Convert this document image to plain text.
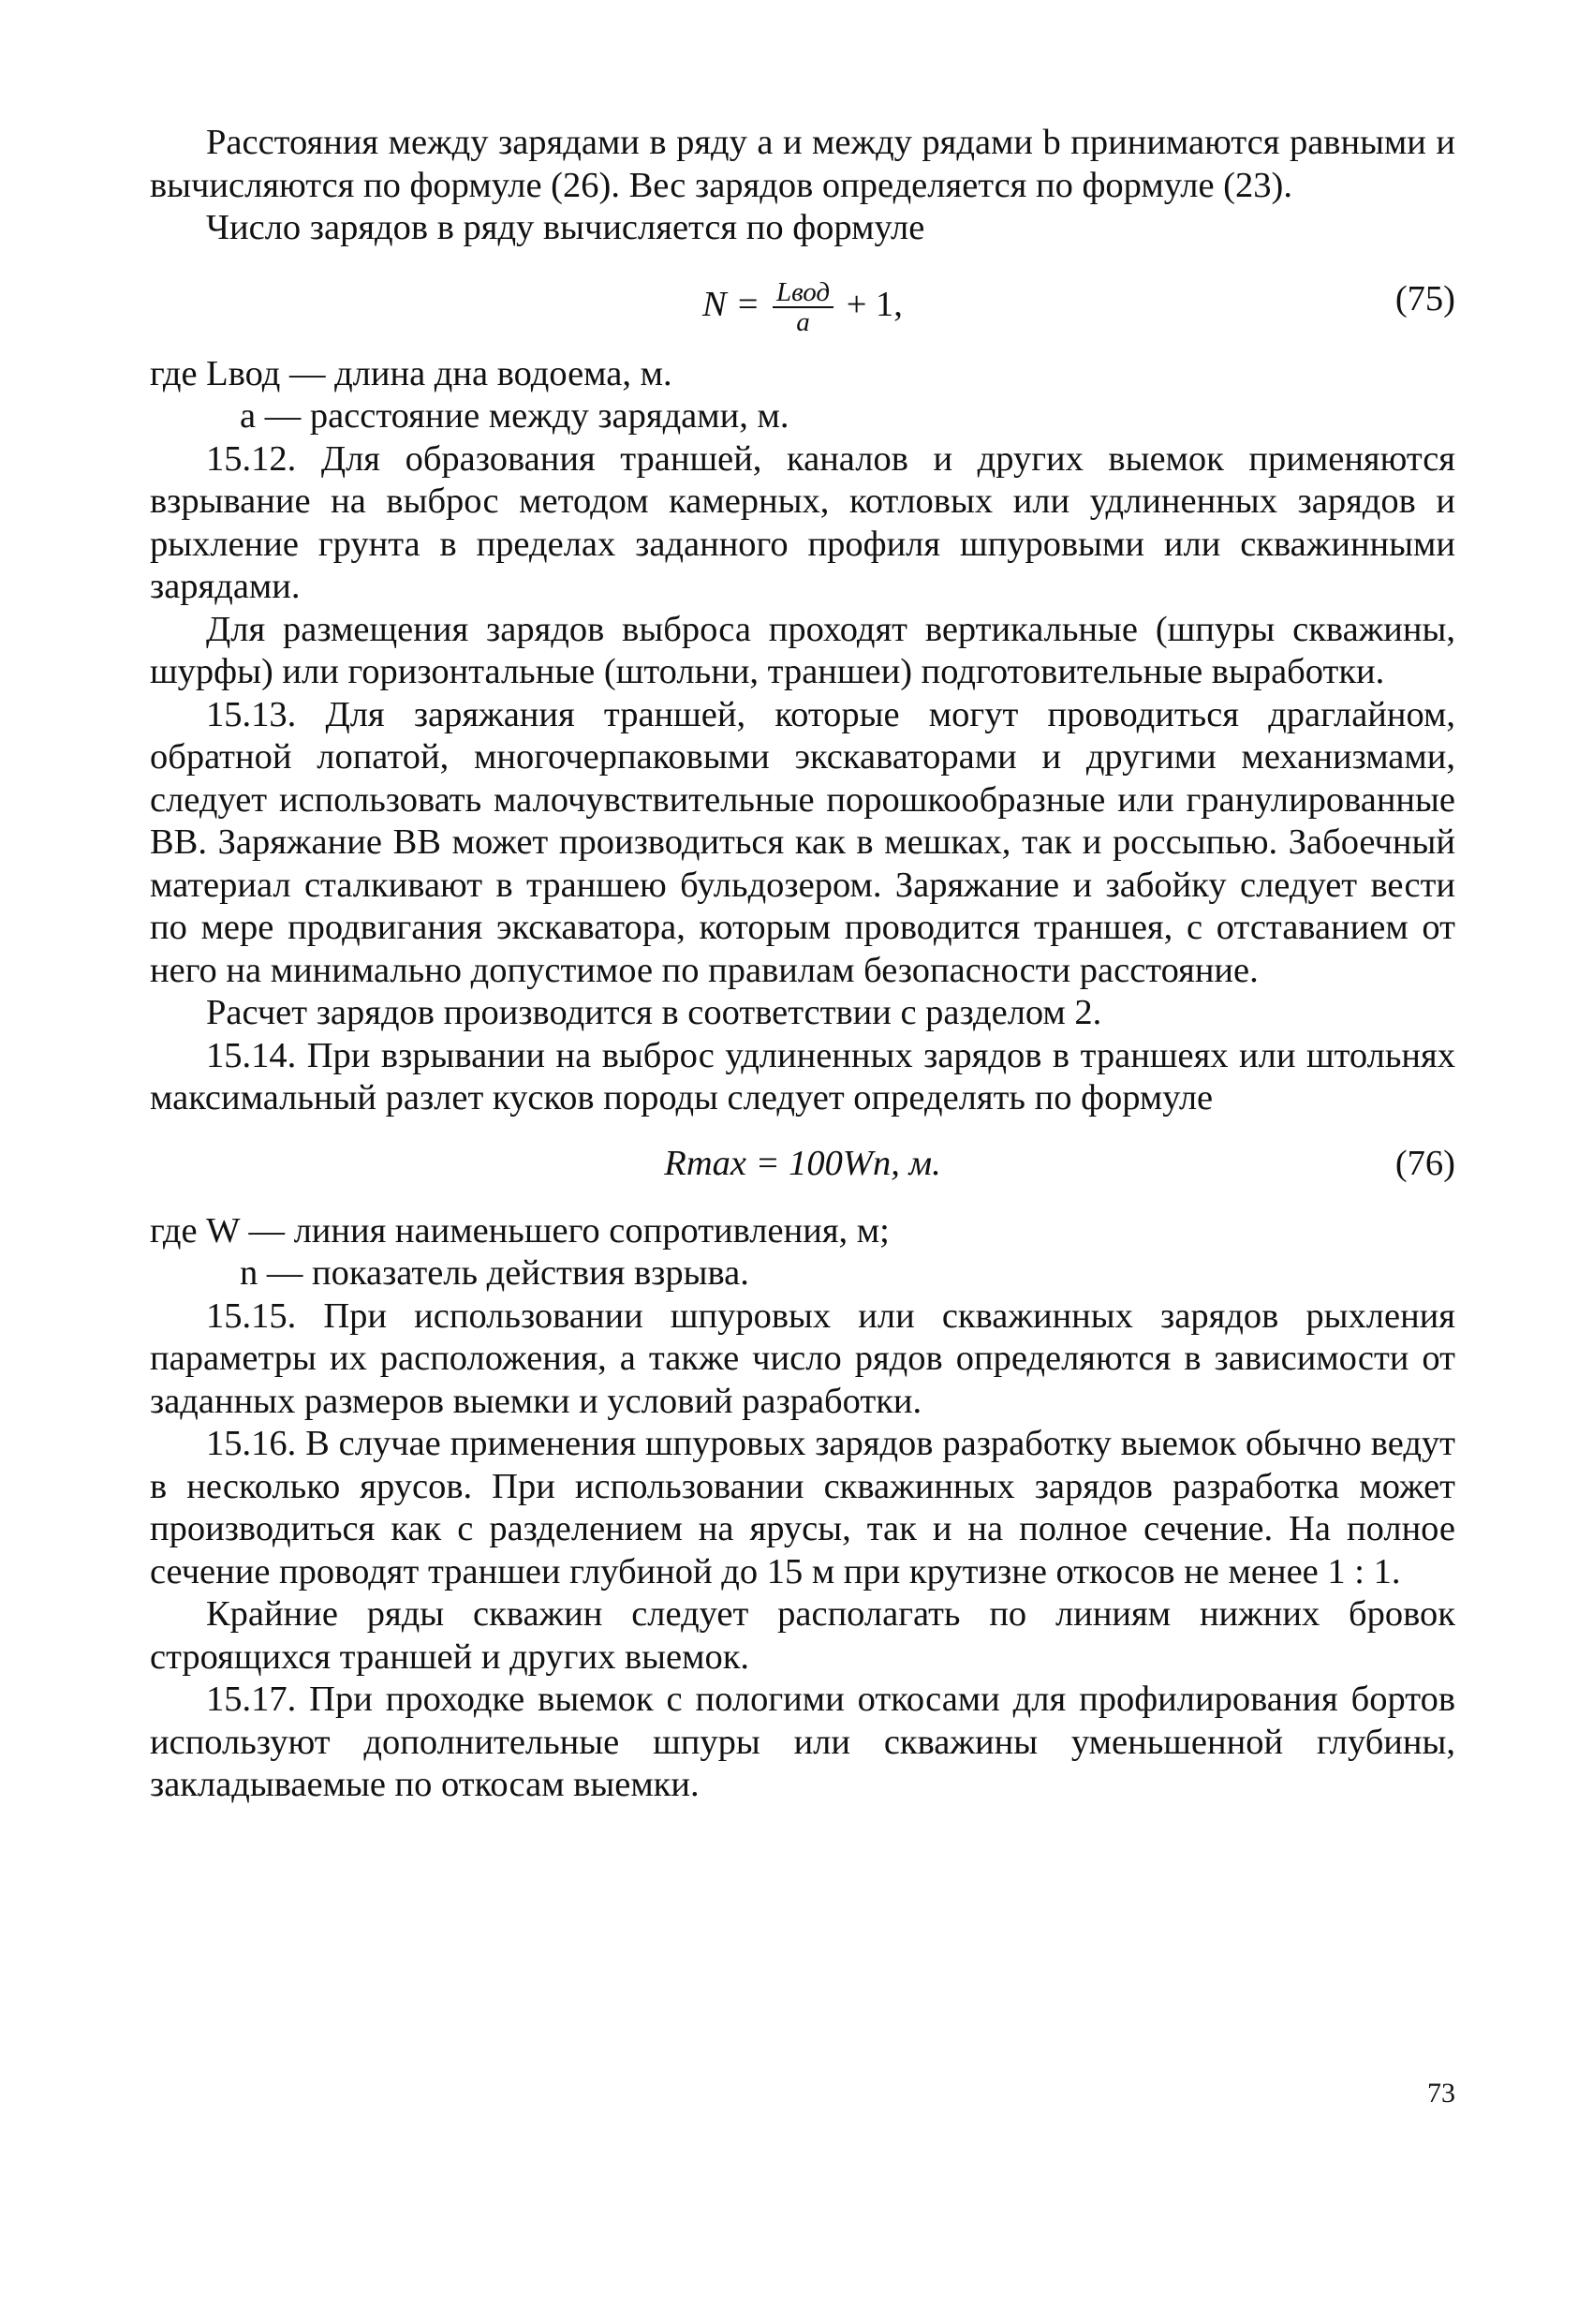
Расстояния между зарядами в ряду a и между рядами b принимаются равными и вычисляются по формуле (26). Вес зарядов определяется по формуле (23).

Число зарядов в ряду вычисляется по формуле

$N = \frac{\text{Lвод}}{a} + 1$,	(75)

где Lвод — длина дна водоема, м.

a — расстояние между зарядами, м.

15.12. Для образования траншей, каналов и других выемок применяются взрывание на выброс методом камерных, котловых или удлиненных зарядов и рыхление грунта в пределах заданного профиля шпуровыми или скважинными зарядами.

Для размещения зарядов выброса проходят вертикальные (шпуры скважины, шурфы) или горизонтальные (штольни, траншеи) подготовительные выработки.

15.13. Для заряжания траншей, которые могут проводиться драглайном, обратной лопатой, многочерпаковыми экскаваторами и другими механизмами, следует использовать малочувствительные порошкообразные или гранулированные ВВ. Заряжание ВВ может производиться как в мешках, так и россыпью. Забоечный материал сталкивают в траншею бульдозером. Заряжание и забойку следует вести по мере продвигания экскаватора, которым проводится траншея, с отставанием от него на минимально допустимое по правилам безопасности расстояние.

Расчет зарядов производится в соответствии с разделом 2.

15.14. При взрывании на выброс удлиненных зарядов в траншеях или штольнях максимальный разлет кусков породы следует определять по формуле

Rmax = 100Wn, м.	(76)

где W — линия наименьшего сопротивления, м;

n — показатель действия взрыва.

15.15. При использовании шпуровых или скважинных зарядов рыхления параметры их расположения, а также число рядов определяются в зависимости от заданных размеров выемки и условий разработки.

15.16. В случае применения шпуровых зарядов разработку выемок обычно ведут в несколько ярусов. При использовании скважинных зарядов разработка может производиться как с разделением на ярусы, так и на полное сечение. На полное сечение проводят траншеи глубиной до 15 м при крутизне откосов не менее 1 : 1.

Крайние ряды скважин следует располагать по линиям нижних бровок строящихся траншей и других выемок.

15.17. При проходке выемок с пологими откосами для профилирования бортов используют дополнительные шпуры или скважины уменьшенной глубины, закладываемые по откосам выемки.

73
